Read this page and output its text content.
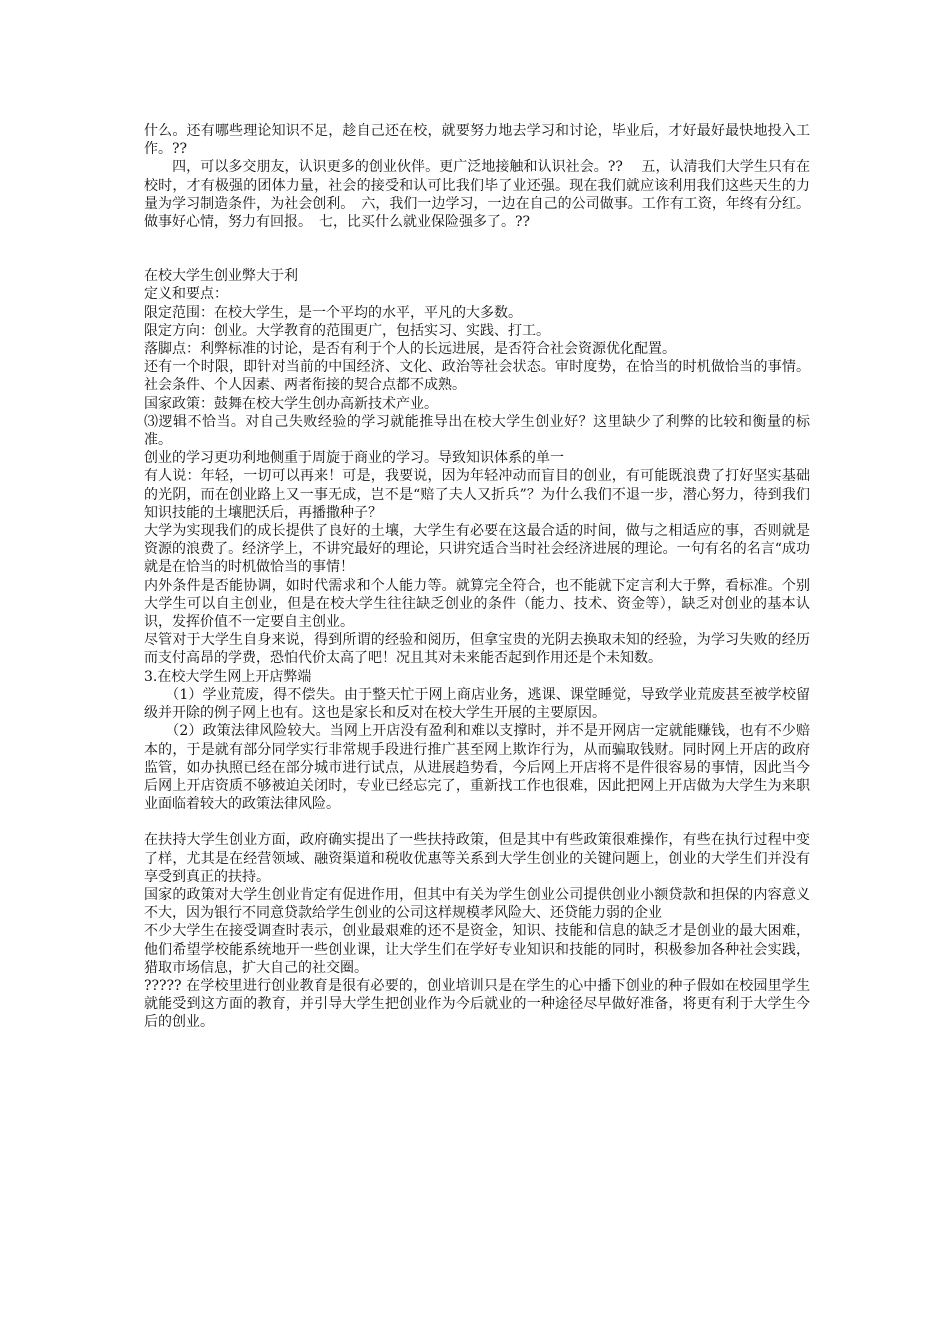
什么。还有哪些理论知识不足，趁自己还在校，就要努力地去学习和讨论，毕业后，才好最好最快地投入工作。??

　　四，可以多交朋友，认识更多的创业伙伴。更广泛地接触和认识社会。?? 　五，认清我们大学生只有在校时，才有极强的团体力量，社会的接受和认可比我们毕了业还强。现在我们就应该利用我们这些天生的力量为学习制造条件，为社会创利。　六，我们一边学习，一边在自己的公司做事。工作有工资，年终有分红。做事好心情，努力有回报。　七，比买什么就业保险强多了。??

在校大学生创业弊大于利

定义和要点：

限定范围：在校大学生，是一个平均的水平，平凡的大多数。

限定方向：创业。大学教育的范围更广，包括实习、实践、打工。

落脚点：利弊标准的讨论，是否有利于个人的长远进展，是否符合社会资源优化配置。

还有一个时限，即针对当前的中国经济、文化、政治等社会状态。审时度势，在恰当的时机做恰当的事情。社会条件、个人因素、两者衔接的契合点都不成熟。

国家政策：鼓舞在校大学生创办高新技术产业。

⑶逻辑不恰当。对自己失败经验的学习就能推导出在校大学生创业好？这里缺少了利弊的比较和衡量的标准。

创业的学习更功利地侧重于周旋于商业的学习。导致知识体系的单一

有人说：年轻，一切可以再来！可是，我要说，因为年轻冲动而盲目的创业，有可能既浪费了打好坚实基础的光阴，而在创业路上又一事无成，岂不是“赔了夫人又折兵”？为什么我们不退一步，潜心努力，待到我们知识技能的土壤肥沃后，再播撒种子？

大学为实现我们的成长提供了良好的土壤，大学生有必要在这最合适的时间，做与之相适应的事，否则就是资源的浪费了。经济学上，不讲究最好的理论，只讲究适合当时社会经济进展的理论。一句有名的名言“成功就是在恰当的时机做恰当的事情！

内外条件是否能协调，如时代需求和个人能力等。就算完全符合，也不能就下定言利大于弊，看标准。个别大学生可以自主创业，但是在校大学生往往缺乏创业的条件（能力、技术、资金等），缺乏对创业的基本认识，发挥价值不一定要自主创业。

尽管对于大学生自身来说，得到所谓的经验和阅历，但拿宝贵的光阴去换取未知的经验，为学习失败的经历而支付高昂的学费，恐怕代价太高了吧！况且其对未来能否起到作用还是个未知数。

3.在校大学生网上开店弊端

　　（1）学业荒废，得不偿失。由于整天忙于网上商店业务，逃课、课堂睡觉，导致学业荒废甚至被学校留级并开除的例子网上也有。这也是家长和反对在校大学生开展的主要原因。

　　（2）政策法律风险较大。当网上开店没有盈利和难以支撑时，并不是开网店一定就能赚钱，也有不少赔本的，于是就有部分同学实行非常规手段进行推广甚至网上欺诈行为，从而骗取钱财。同时网上开店的政府监管，如办执照已经在部分城市进行试点，从进展趋势看，今后网上开店将不是件很容易的事情，因此当今后网上开店资质不够被迫关闭时，专业已经忘完了，重新找工作也很难，因此把网上开店做为大学生为来职业面临着较大的政策法律风险。

在扶持大学生创业方面，政府确实提出了一些扶持政策，但是其中有些政策很难操作，有些在执行过程中变了样，尤其是在经营领域、融资渠道和税收优惠等关系到大学生创业的关键问题上，创业的大学生们并没有享受到真正的扶持。

国家的政策对大学生创业肯定有促进作用，但其中有关为学生创业公司提供创业小额贷款和担保的内容意义不大，因为银行不同意贷款给学生创业的公司这样规模孝风险大、还贷能力弱的企业

不少大学生在接受调查时表示，创业最艰难的还不是资金，知识、技能和信息的缺乏才是创业的最大困难，他们希望学校能系统地开一些创业课，让大学生们在学好专业知识和技能的同时，积极参加各种社会实践，猎取市场信息，扩大自己的社交圈。

????? 在学校里进行创业教育是很有必要的，创业培训只是在学生的心中播下创业的种子假如在校园里学生就能受到这方面的教育，并引导大学生把创业作为今后就业的一种途径尽早做好准备，将更有利于大学生今后的创业。
